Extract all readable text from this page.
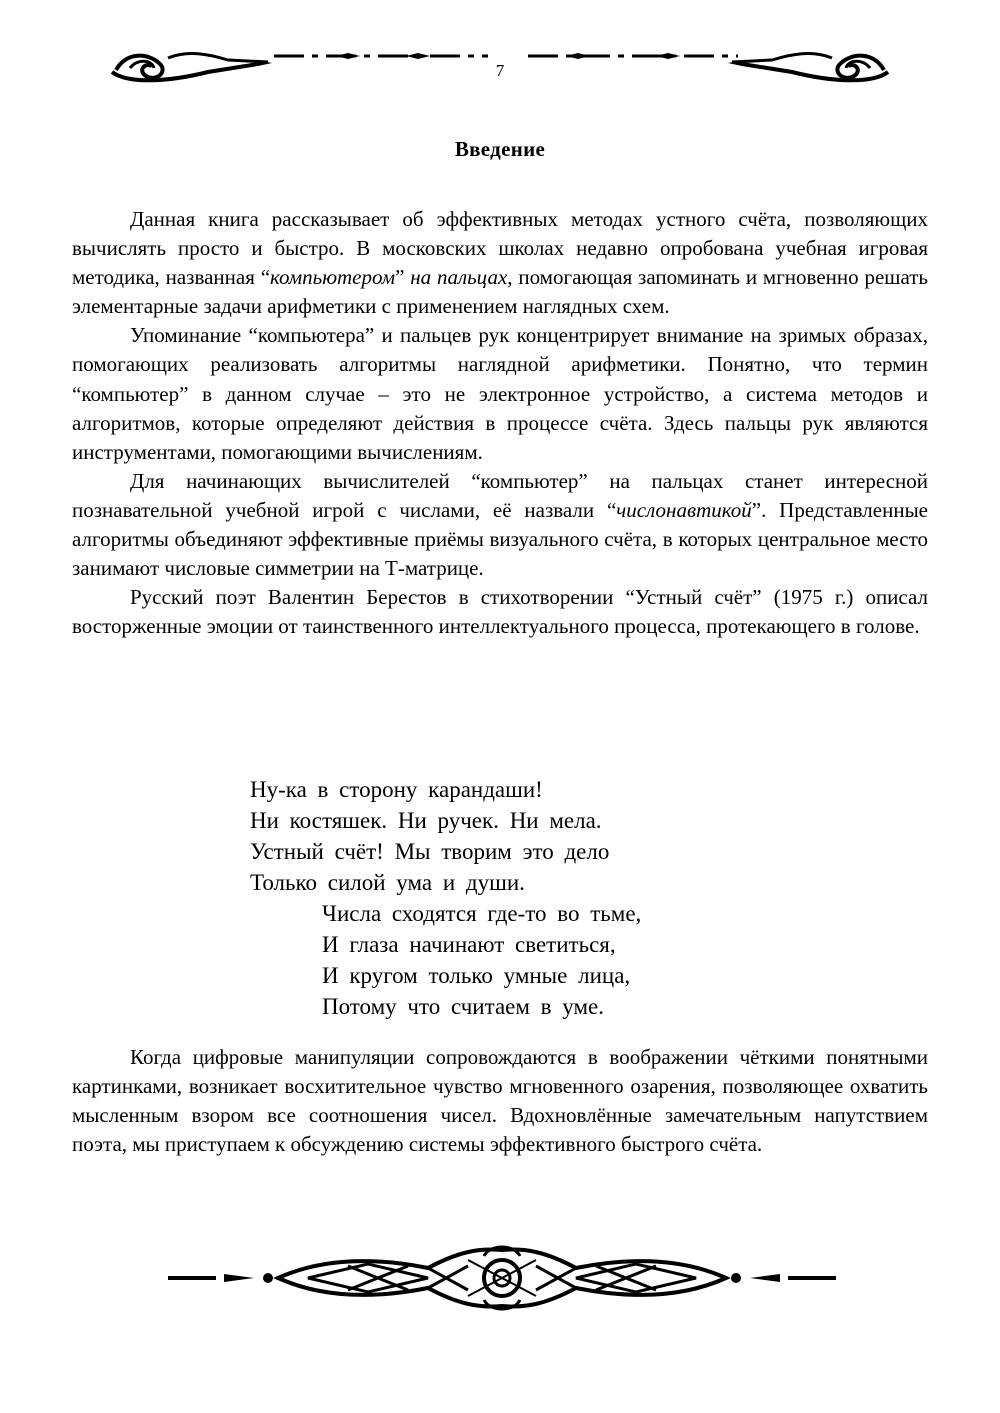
7
Введение

Данная книга рассказывает об эффективных методах устного счёта, позволяющих вычислять просто и быстро. В московских школах недавно опробована учебная игровая методика, названная “компьютером” на пальцах, помогающая запоминать и мгновенно решать элементарные задачи арифметики с применением наглядных схем.

Упоминание “компьютера” и пальцев рук концентрирует внимание на зримых образах, помогающих реализовать алгоритмы наглядной арифметики. Понятно, что термин “компьютер” в данном случае – это не электронное устройство, а система методов и алгоритмов, которые определяют действия в процессе счёта. Здесь пальцы рук являются инструментами, помогающими вычислениям.

Для начинающих вычислителей “компьютер” на пальцах станет интересной познавательной учебной игрой с числами, её назвали “числонавтикой”. Представленные алгоритмы объединяют эффективные приёмы визуального счёта, в которых центральное место занимают числовые симметрии на Т-матрице.

Русский поэт Валентин Берестов в стихотворении “Устный счёт” (1975 г.) описал восторженные эмоции от таинственного интеллектуального процесса, протекающего в голове.

Ну-ка в сторону карандаши!
Ни костяшек. Ни ручек. Ни мела.
Устный счёт! Мы творим это дело
Только силой ума и души.
Числа сходятся где-то во тьме,
И глаза начинают светиться,
И кругом только умные лица,
Потому что считаем в уме.

Когда цифровые манипуляции сопровождаются в воображении чёткими понятными картинками, возникает восхитительное чувство мгновенного озарения, позволяющее охватить мысленным взором все соотношения чисел. Вдохновлённые замечательным напутствием поэта, мы приступаем к обсуждению системы эффективного быстрого счёта.
